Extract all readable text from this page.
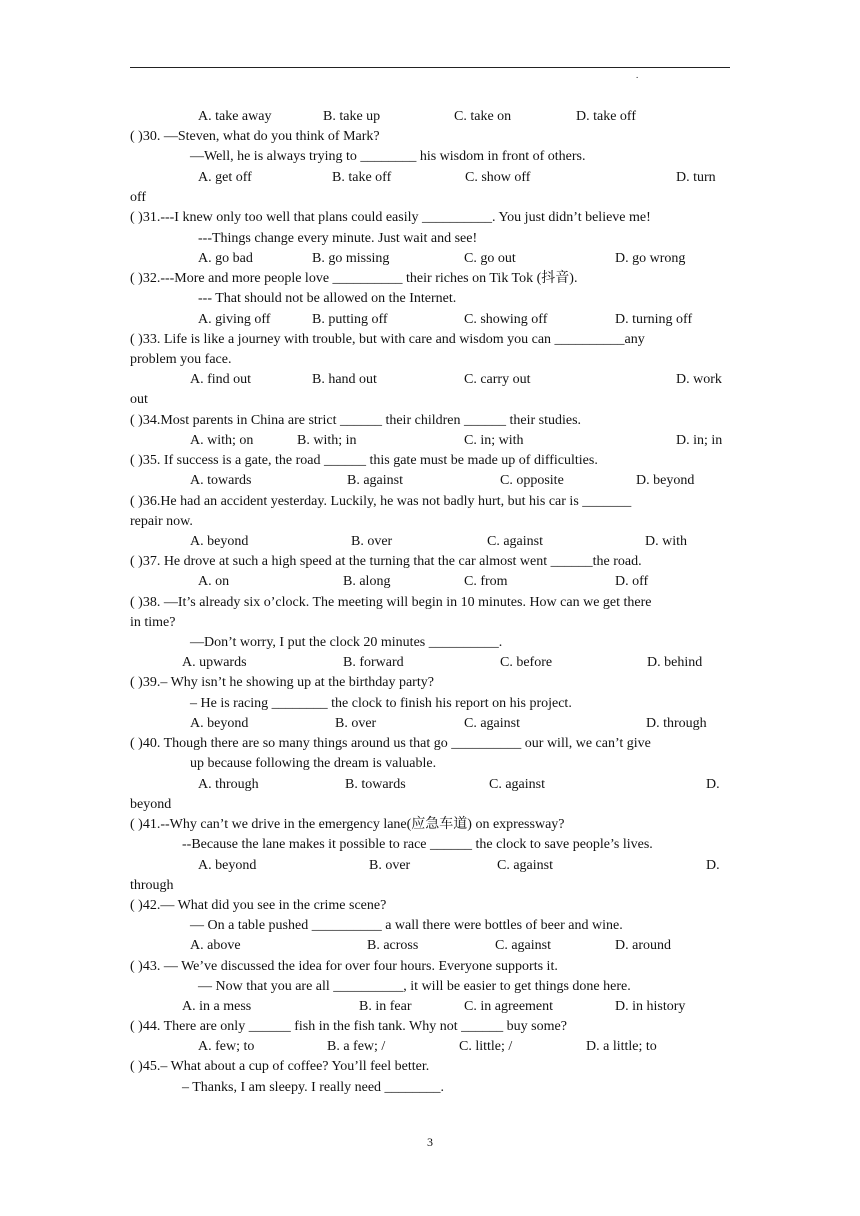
.
A. take away	B. take up	C. take on	D. take off
( )30. —Steven, what do you think of Mark?
—Well, he is always trying to ________ his wisdom in front of others.
A. get off	B. take off	C. show off	D. turn
off
( )31.---I knew only too well that plans could easily __________. You just didn’t believe me!
---Things change every minute. Just wait and see!
A. go bad	B. go missing	C. go out	D. go wrong
( )32.---More and more people love __________ their riches on Tik Tok (抖音).
--- That should not be allowed on the Internet.
A. giving off	B. putting off	C. showing off	D. turning off
( )33. Life is like a journey with trouble, but with care and wisdom you can __________any
problem you face.
A. find out	B. hand out	C. carry out	D. work
out
( )34.Most parents in China are strict ______ their children ______ their studies.
A. with; on	B. with; in	C. in; with	D. in; in
( )35. If success is a gate, the road ______ this gate must be made up of difficulties.
A. towards	B. against	C. opposite	D. beyond
( )36.He had an accident yesterday. Luckily, he was not badly hurt, but his car is _______
repair now.
A. beyond	B. over	C. against	D. with
( )37. He drove at such a high speed at the turning that the car almost went ______the road.
A. on	B. along	C. from	D. off
( )38. —It’s already six o’clock. The meeting will begin in 10 minutes. How can we get there
in time?
—Don’t worry, I put the clock 20 minutes __________.
A. upwards	B. forward	C. before	D. behind
( )39.– Why isn’t he showing up at the birthday party?
– He is racing ________ the clock to finish his report on his project.
A. beyond	B. over	C. against	D. through
( )40. Though there are so many things around us that go __________ our will, we can’t give
up because following the dream is valuable.
A. through	B. towards	C. against	D.
beyond
( )41.--Why can’t we drive in the emergency lane(应急车道) on expressway?
--Because the lane makes it possible to race ______ the clock to save people’s lives.
A. beyond	B. over	C. against	D.
through
( )42.— What did you see in the crime scene?
— On a table pushed __________ a wall there were bottles of beer and wine.
A. above	B. across	C. against	D. around
( )43. — We’ve discussed the idea for over four hours. Everyone supports it.
— Now that you are all __________, it will be easier to get things done here.
A. in a mess	B. in fear	C. in agreement	D. in history
( )44. There are only ______ fish in the fish tank. Why not ______ buy some?
A. few; to	B. a few; /	C. little; /	D. a little; to
( )45.– What about a cup of coffee? You’ll feel better.
– Thanks, I am sleepy. I really need ________.
3
